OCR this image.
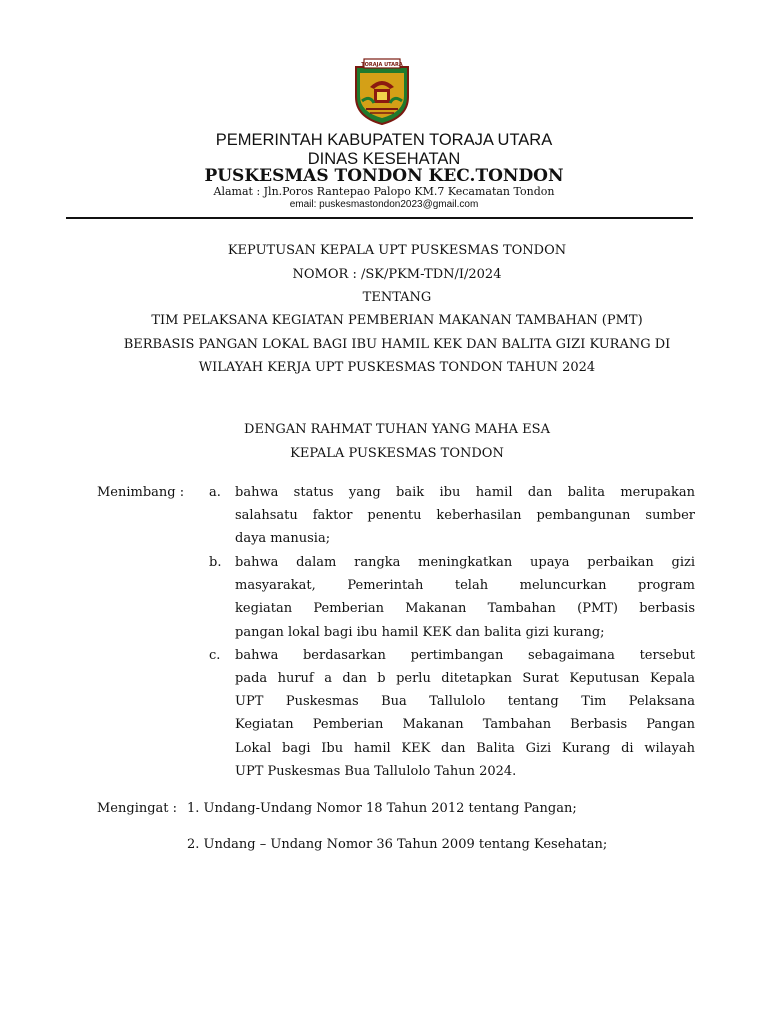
TORAJA UTARA
PEMERINTAH KABUPATEN TORAJA UTARA
DINAS KESEHATAN
PUSKESMAS TONDON KEC.TONDON
Alamat : Jln.Poros Rantepao Palopo KM.7 Kecamatan Tondon
email: puskesmastondon2023@gmail.com
KEPUTUSAN KEPALA UPT PUSKESMAS TONDON
NOMOR : /SK/PKM-TDN/I/2024
TENTANG
TIM PELAKSANA KEGIATAN PEMBERIAN MAKANAN TAMBAHAN (PMT)
BERBASIS PANGAN LOKAL BAGI IBU HAMIL KEK DAN BALITA GIZI KURANG DI
WILAYAH KERJA UPT PUSKESMAS TONDON TAHUN 2024
DENGAN RAHMAT TUHAN YANG MAHA ESA
KEPALA PUSKESMAS TONDON
Menimbang : a. bahwa status yang baik ibu hamil dan balita merupakan
salahsatu faktor penentu keberhasilan pembangunan sumber
daya manusia;
b. bahwa dalam rangka meningkatkan upaya perbaikan gizi
masyarakat, Pemerintah telah meluncurkan program
kegiatan Pemberian Makanan Tambahan (PMT) berbasis
pangan lokal bagi ibu hamil KEK dan balita gizi kurang;
c. bahwa berdasarkan pertimbangan sebagaimana tersebut
pada huruf a dan b perlu ditetapkan Surat Keputusan Kepala
UPT Puskesmas Bua Tallulolo tentang Tim Pelaksana
Kegiatan Pemberian Makanan Tambahan Berbasis Pangan
Lokal bagi Ibu hamil KEK dan Balita Gizi Kurang di wilayah
UPT Puskesmas Bua Tallulolo Tahun 2024.
Mengingat : 1. Undang-Undang Nomor 18 Tahun 2012 tentang Pangan;
2. Undang – Undang Nomor 36 Tahun 2009 tentang Kesehatan;
